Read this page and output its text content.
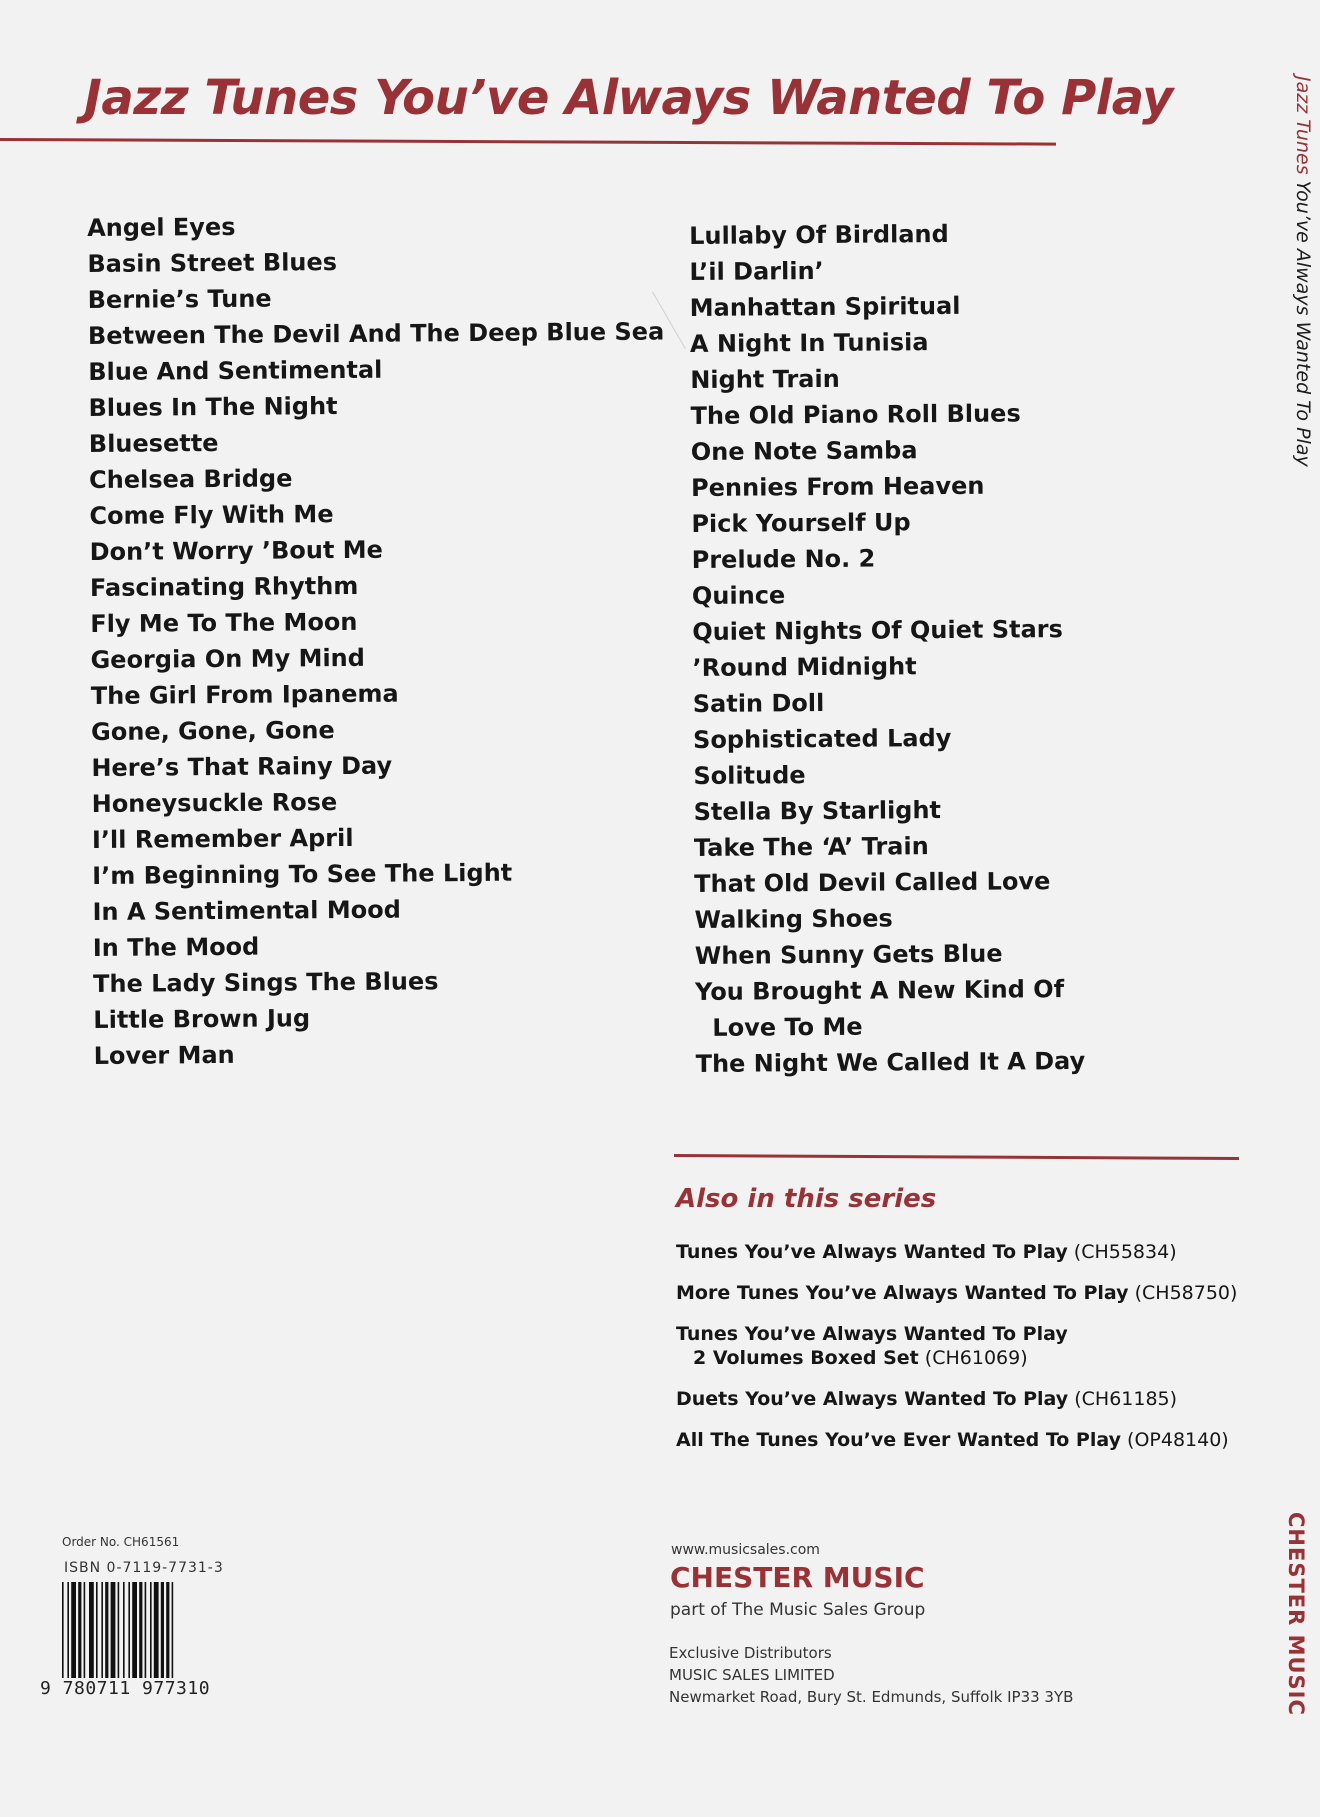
Jazz Tunes You’ve Always Wanted To Play	Jazz Tunes You’ve Always Wanted To Play
CHESTER MUSIC
Angel Eyes
Basin Street Blues
Bernie’s Tune
Between The Devil And The Deep Blue Sea
Blue And Sentimental
Blues In The Night
Bluesette
Chelsea Bridge
Come Fly With Me
Don’t Worry ’Bout Me
Fascinating Rhythm
Fly Me To The Moon
Georgia On My Mind
The Girl From Ipanema
Gone, Gone, Gone
Here’s That Rainy Day
Honeysuckle Rose
I’ll Remember April
I’m Beginning To See The Light
In A Sentimental Mood
In The Mood
The Lady Sings The Blues
Little Brown Jug
Lover Man
Lullaby Of Birdland
L’il Darlin’
Manhattan Spiritual
A Night In Tunisia
Night Train
The Old Piano Roll Blues
One Note Samba
Pennies From Heaven
Pick Yourself Up
Prelude No. 2
Quince
Quiet Nights Of Quiet Stars
’Round Midnight
Satin Doll
Sophisticated Lady
Solitude
Stella By Starlight
Take The ‘A’ Train
That Old Devil Called Love
Walking Shoes
When Sunny Gets Blue
You Brought A New Kind Of
Love To Me
The Night We Called It A Day
Also in this series
Tunes You’ve Always Wanted To Play (CH55834)
More Tunes You’ve Always Wanted To Play (CH58750)
Tunes You’ve Always Wanted To Play
2 Volumes Boxed Set (CH61069)
Duets You’ve Always Wanted To Play (CH61185)
All The Tunes You’ve Ever Wanted To Play (OP48140)
Order No. CH61561
ISBN 0-7119-7731-3
9 780711 977310
www.musicsales.com
CHESTER MUSIC
part of The Music Sales Group
Exclusive Distributors
MUSIC SALES LIMITED
Newmarket Road, Bury St. Edmunds, Suffolk IP33 3YB
